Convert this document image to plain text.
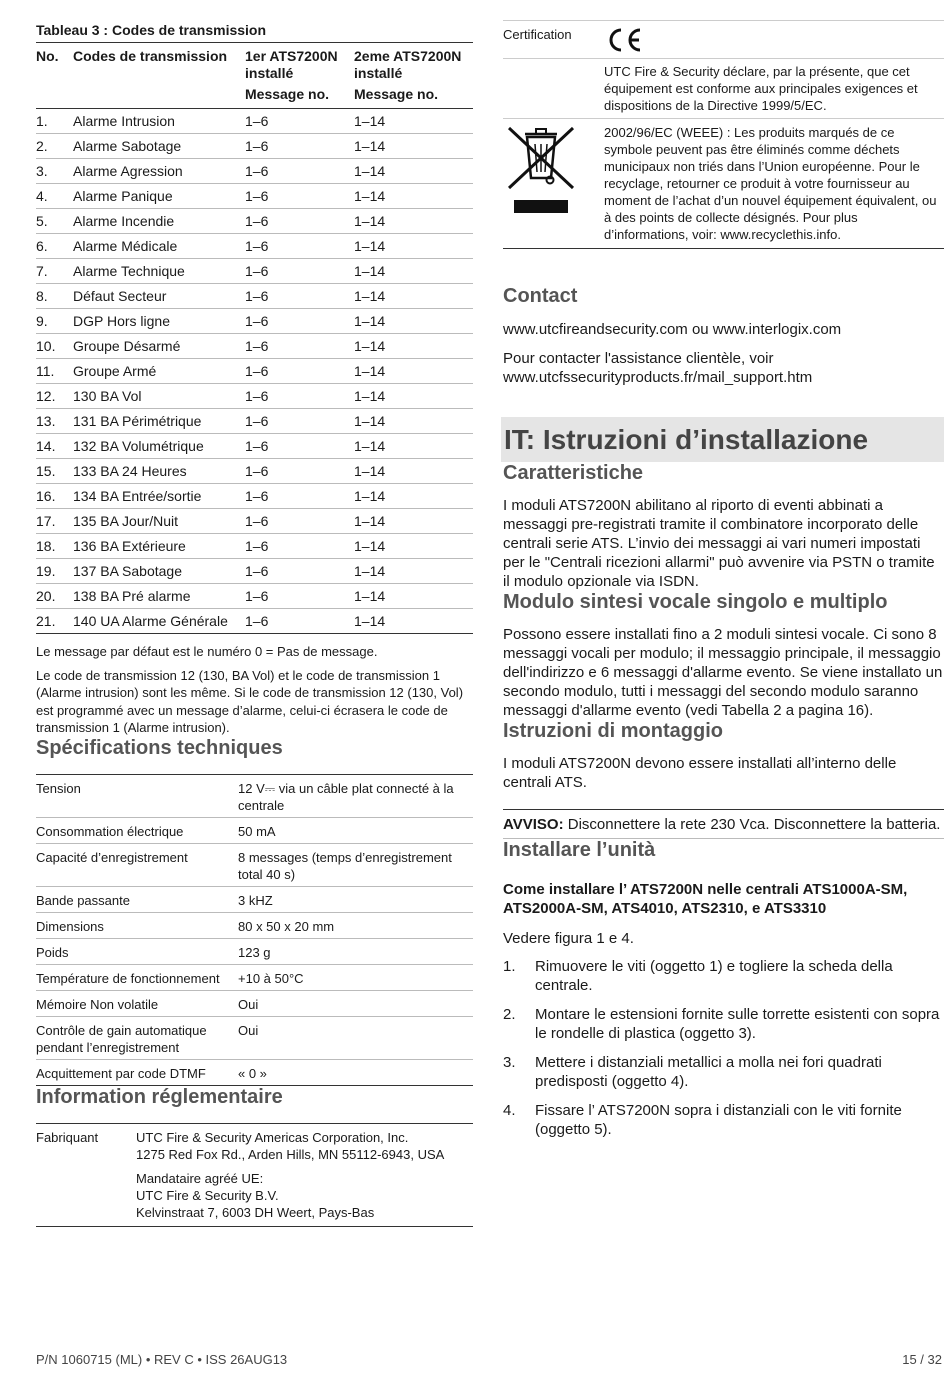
Tableau 3 : Codes de transmission
No.	Codes de transmission	1er ATS7200N installé	2eme ATS7200N installé
		Message no.	Message no.
1.	Alarme Intrusion	1–6	1–14
2.	Alarme Sabotage	1–6	1–14
3.	Alarme Agression	1–6	1–14
4.	Alarme Panique	1–6	1–14
5.	Alarme Incendie	1–6	1–14
6.	Alarme Médicale	1–6	1–14
7.	Alarme Technique	1–6	1–14
8.	Défaut Secteur	1–6	1–14
9.	DGP Hors ligne	1–6	1–14
10.	Groupe Désarmé	1–6	1–14
11.	Groupe Armé	1–6	1–14
12.	130 BA Vol	1–6	1–14
13.	131 BA Périmétrique	1–6	1–14
14.	132 BA Volumétrique	1–6	1–14
15.	133 BA 24 Heures	1–6	1–14
16.	134 BA Entrée/sortie	1–6	1–14
17.	135 BA Jour/Nuit	1–6	1–14
18.	136 BA Extérieure	1–6	1–14
19.	137 BA Sabotage	1–6	1–14
20.	138 BA Pré alarme	1–6	1–14
21.	140 UA Alarme Générale	1–6	1–14

Le message par défaut est le numéro 0 = Pas de message.

Le code de transmission 12 (130, BA Vol) et le code de transmission 1 (Alarme intrusion) sont les même. Si le code de transmission 12 (130, Vol) est programmé avec un message d’alarme, celui-ci écrasera le code de transmission 1 (Alarme intrusion).

Spécifications techniques
Tension	12 V⎓ via un câble plat connecté à la centrale
Consommation électrique	50 mA
Capacité d’enregistrement	8 messages (temps d’enregistrement total 40 s)
Bande passante	3 kHZ
Dimensions	80 x 50 x 20 mm
Poids	123 g
Température de fonctionnement	+10 à 50°C
Mémoire Non volatile	Oui
Contrôle de gain automatique pendant l’enregistrement	Oui
Acquittement par code DTMF	« 0 »
Information réglementaire
Fabriquant	UTC Fire & Security Americas Corporation, Inc.
1275 Red Fox Rd., Arden Hills, MN 55112-6943, USA
Mandataire agréé UE:
UTC Fire & Security B.V.
Kelvinstraat 7, 6003 DH Weert, Pays-Bas
Certification	

	UTC Fire & Security déclare, par la présente, que cet équipement est conforme aux principales exigences et dispositions de la Directive 1999/5/EC.

	2002/96/EC (WEEE) : Les produits marqués de ce symbole peuvent pas être éliminés comme déchets municipaux non triés dans l’Union européenne. Pour le recyclage, retourner ce produit à votre fournisseur au moment de l’achat d’un nouvel équipement équivalent, ou à des points de collecte désignés. Pour plus d’informations, voir: www.recyclethis.info.
Contact

www.utcfireandsecurity.com ou www.interlogix.com

Pour contacter l'assistance clientèle, voir www.utcfssecurityproducts.fr/mail_support.htm

IT: Istruzioni d’installazione
Caratteristiche

I moduli ATS7200N abilitano al riporto di eventi abbinati a messaggi pre-registrati tramite il combinatore incorporato delle centrali serie ATS. L’invio dei messaggi ai vari numeri impostati per le "Centrali ricezioni allarmi" può avvenire via PSTN o tramite il modulo opzionale via ISDN.

Modulo sintesi vocale singolo e multiplo

Possono essere installati fino a 2 moduli sintesi vocale. Ci sono 8 messaggi vocali per modulo; il messaggio principale, il messaggio dell'indirizzo e 6 messaggi d'allarme evento. Se viene installato un secondo modulo, tutti i messaggi del secondo modulo saranno messaggi d'allarme evento (vedi Tabella 2 a pagina 16).

Istruzioni di montaggio

I moduli ATS7200N devono essere installati all’interno delle centrali ATS.

AVVISO: Disconnettere la rete 230 Vca. Disconnettere la batteria.
Installare l’unità

Come installare l’ ATS7200N nelle centrali ATS1000A-SM, ATS2000A-SM, ATS4010, ATS2310, e ATS3310

Vedere figura 1 e 4.

1.	Rimuovere le viti (oggetto 1) e togliere la scheda della centrale.
2.	Montare le estensioni fornite sulle torrette esistenti con sopra le rondelle di plastica (oggetto 3).
3.	Mettere i distanziali metallici a molla nei fori quadrati predisposti (oggetto 4).
4.	Fissare l’ ATS7200N sopra i distanziali con le viti fornite (oggetto 5).
P/N 1060715 (ML) • REV C • ISS 26AUG13	15 / 32
